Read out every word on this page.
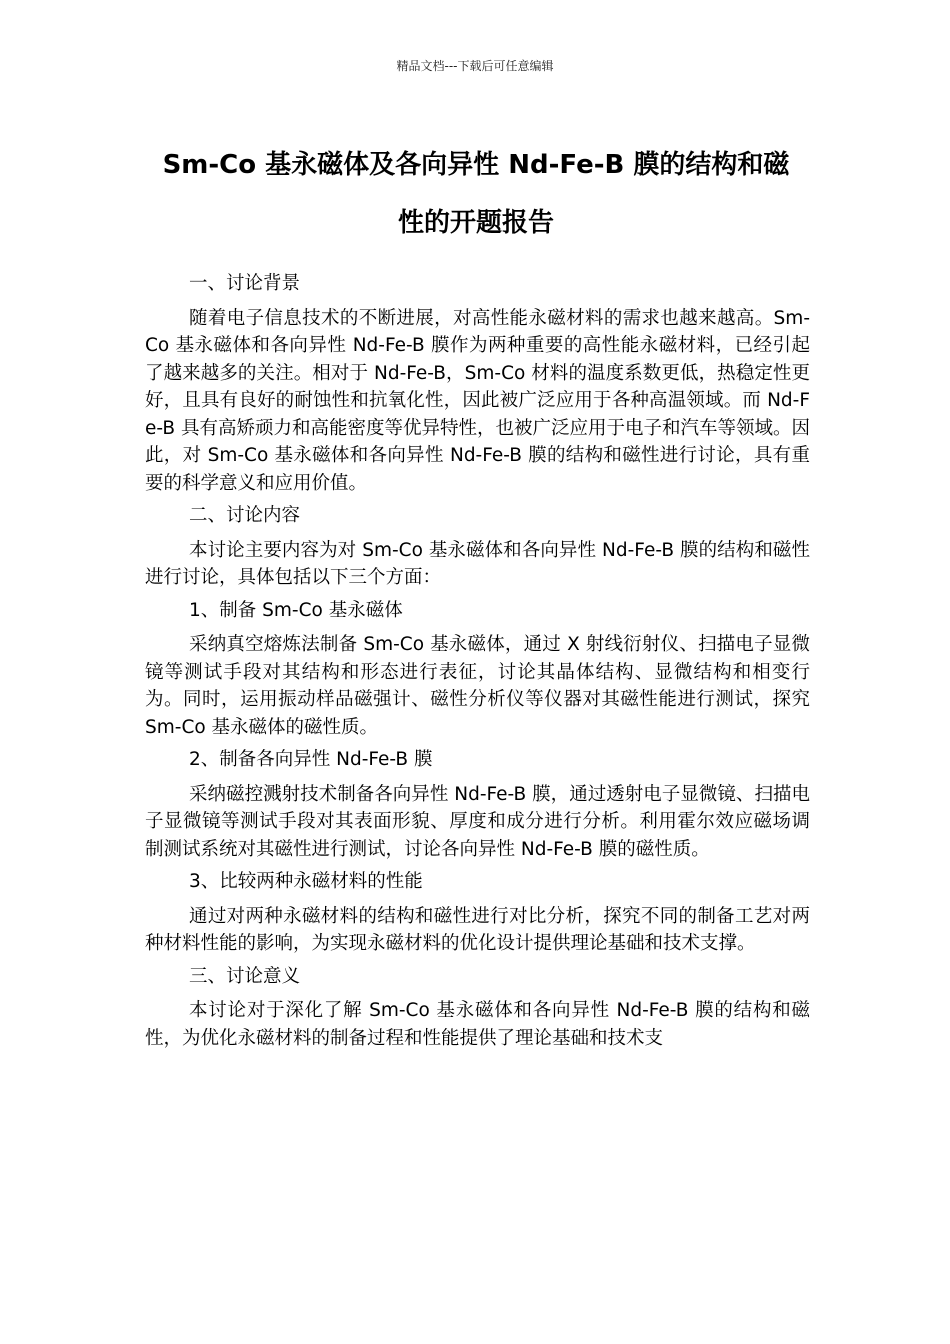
精品文档---下载后可任意编辑
Sm-Co 基永磁体及各向异性 Nd-Fe-B 膜的结构和磁
性的开题报告

一、讨论背景

随着电子信息技术的不断进展，对高性能永磁材料的需求也越来越高。Sm-Co 基永磁体和各向异性 Nd-Fe-B 膜作为两种重要的高性能永磁材料，已经引起了越来越多的关注。相对于 Nd-Fe-B，Sm-Co 材料的温度系数更低，热稳定性更好，且具有良好的耐蚀性和抗氧化性，因此被广泛应用于各种高温领域。而 Nd-Fe-B 具有高矫顽力和高能密度等优异特性，也被广泛应用于电子和汽车等领域。因此，对 Sm-Co 基永磁体和各向异性 Nd-Fe-B 膜的结构和磁性进行讨论，具有重要的科学意义和应用价值。

二、讨论内容

本讨论主要内容为对 Sm-Co 基永磁体和各向异性 Nd-Fe-B 膜的结构和磁性进行讨论，具体包括以下三个方面：

1、制备 Sm-Co 基永磁体

采纳真空熔炼法制备 Sm-Co 基永磁体，通过 X 射线衍射仪、扫描电子显微镜等测试手段对其结构和形态进行表征，讨论其晶体结构、显微结构和相变行为。同时，运用振动样品磁强计、磁性分析仪等仪器对其磁性能进行测试，探究 Sm-Co 基永磁体的磁性质。

2、制备各向异性 Nd-Fe-B 膜

采纳磁控溅射技术制备各向异性 Nd-Fe-B 膜，通过透射电子显微镜、扫描电子显微镜等测试手段对其表面形貌、厚度和成分进行分析。利用霍尔效应磁场调制测试系统对其磁性进行测试，讨论各向异性 Nd-Fe-B 膜的磁性质。

3、比较两种永磁材料的性能

通过对两种永磁材料的结构和磁性进行对比分析，探究不同的制备工艺对两种材料性能的影响，为实现永磁材料的优化设计提供理论基础和技术支撑。

三、讨论意义

本讨论对于深化了解 Sm-Co 基永磁体和各向异性 Nd-Fe-B 膜的结构和磁性，为优化永磁材料的制备过程和性能提供了理论基础和技术支
